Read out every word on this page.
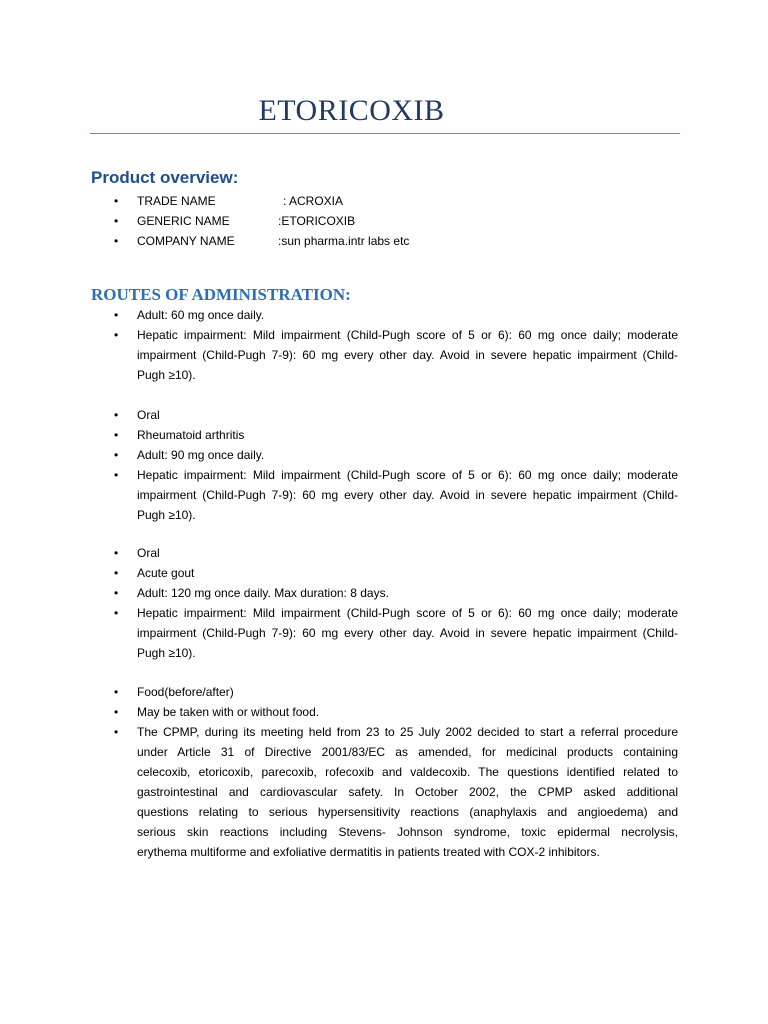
ETORICOXIB
Product overview:
• TRADE NAME	: ACROXIA
• GENERIC NAME	:ETORICOXIB
• COMPANY NAME	:sun pharma.intr labs etc
ROUTES OF ADMINISTRATION:
• Adult: 60 mg once daily.
• Hepatic impairment: Mild impairment (Child-Pugh score of 5 or 6): 60 mg once daily; moderate
impairment (Child-Pugh 7-9): 60 mg every other day. Avoid in severe hepatic impairment (Child-
Pugh ≥10).
• Oral
• Rheumatoid arthritis
• Adult: 90 mg once daily.
• Hepatic impairment: Mild impairment (Child-Pugh score of 5 or 6): 60 mg once daily; moderate
impairment (Child-Pugh 7-9): 60 mg every other day. Avoid in severe hepatic impairment (Child-
Pugh ≥10).
• Oral
• Acute gout
• Adult: 120 mg once daily. Max duration: 8 days.
• Hepatic impairment: Mild impairment (Child-Pugh score of 5 or 6): 60 mg once daily; moderate
impairment (Child-Pugh 7-9): 60 mg every other day. Avoid in severe hepatic impairment (Child-
Pugh ≥10).
• Food(before/after)
• May be taken with or without food.
• The CPMP, during its meeting held from 23 to 25 July 2002 decided to start a referral procedure
under Article 31 of Directive 2001/83/EC as amended, for medicinal products containing
celecoxib, etoricoxib, parecoxib, rofecoxib and valdecoxib. The questions identified related to
gastrointestinal and cardiovascular safety. In October 2002, the CPMP asked additional
questions relating to serious hypersensitivity reactions (anaphylaxis and angioedema) and
serious skin reactions including Stevens- Johnson syndrome, toxic epidermal necrolysis,
erythema multiforme and exfoliative dermatitis in patients treated with COX-2 inhibitors.
